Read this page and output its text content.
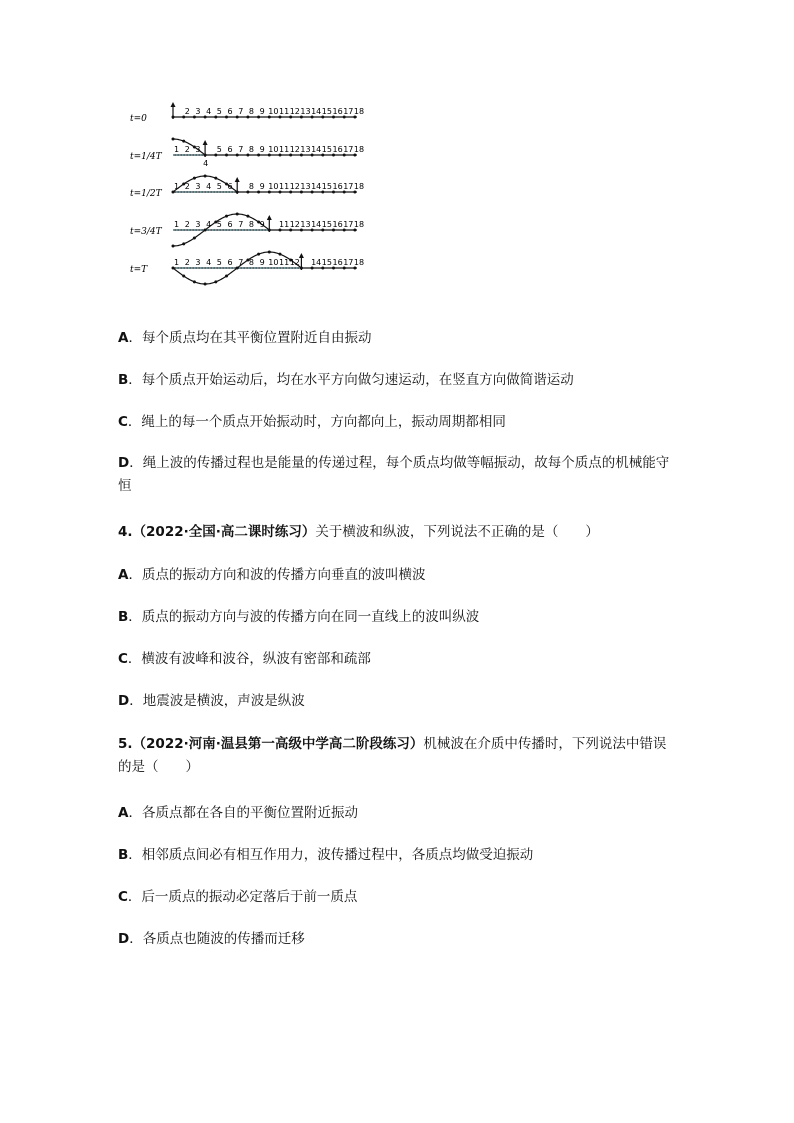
t=0
2 3 4 5 6 7 8 9 10 11 12 13 14 15 16 17 18
t=1/4T
1 2 3 5 6 7 8 9 10 11 12 13 14 15 16 17 18
4
t=1/2T
1 2 3 4 5 6 8 9 10 11 12 13 14 15 16 17 18
t=3/4T
1 2 3 4 5 6 7 8 9 11 12 13 14 15 16 17 18
t=T
1 2 3 4 5 6 7 8 9 10 11 12 14 15 16 17 18
A．每个质点均在其平衡位置附近自由振动
B．每个质点开始运动后，均在水平方向做匀速运动，在竖直方向做简谐运动
C．绳上的每一个质点开始振动时，方向都向上，振动周期都相同
D．绳上波的传播过程也是能量的传递过程，每个质点均做等幅振动，故每个质点的机械能守恒
4.（2022·全国·高二课时练习）关于横波和纵波，下列说法不正确的是（　　）
A．质点的振动方向和波的传播方向垂直的波叫横波
B．质点的振动方向与波的传播方向在同一直线上的波叫纵波
C．横波有波峰和波谷，纵波有密部和疏部
D．地震波是横波，声波是纵波
5.（2022·河南·温县第一高级中学高二阶段练习）机械波在介质中传播时，下列说法中错误的是（　　）
A．各质点都在各自的平衡位置附近振动
B．相邻质点间必有相互作用力，波传播过程中，各质点均做受迫振动
C．后一质点的振动必定落后于前一质点
D．各质点也随波的传播而迁移
